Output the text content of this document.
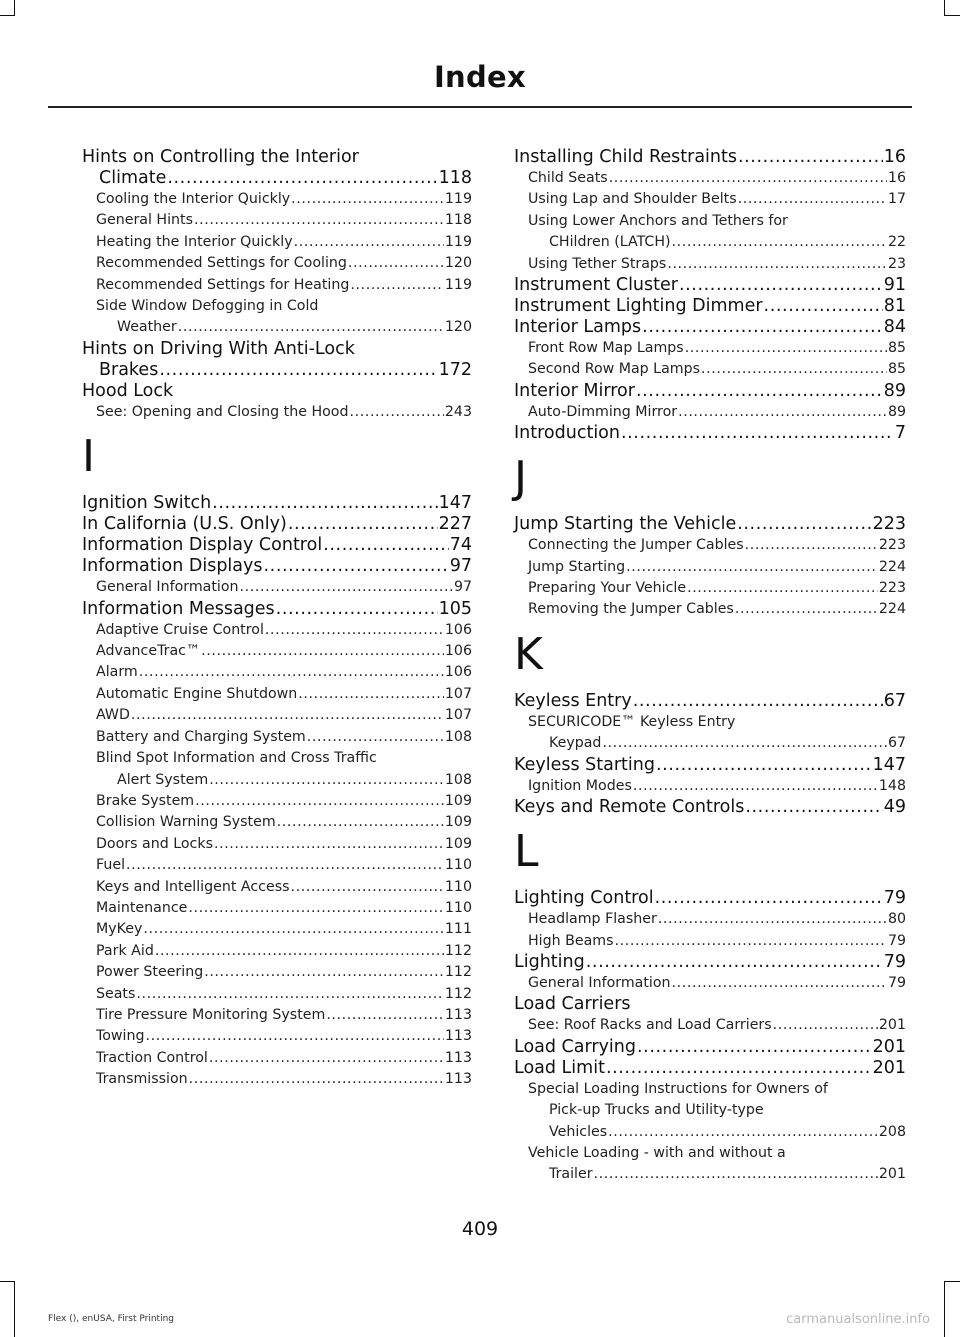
Index
Hints on Controlling the Interior
Climate .....	118
Cooling the Interior Quickly .....	119
General Hints .....	118
Heating the Interior Quickly .....	119
Recommended Settings for Cooling .....	120
Recommended Settings for Heating .....	119
Side Window Defogging in Cold
Weather .....	120
Hints on Driving With Anti-Lock
Brakes .....	172
Hood Lock
See: Opening and Closing the Hood .....	243
I
Ignition Switch .....	147
In California (U.S. Only) .....	227
Information Display Control .....	74
Information Displays .....	97
General Information .....	97
Information Messages .....	105
Adaptive Cruise Control .....	106
AdvanceTrac™ .....	106
Alarm .....	106
Automatic Engine Shutdown .....	107
AWD .....	107
Battery and Charging System .....	108
Blind Spot Information and Cross Traffic
Alert System .....	108
Brake System .....	109
Collision Warning System .....	109
Doors and Locks .....	109
Fuel .....	110
Keys and Intelligent Access .....	110
Maintenance .....	110
MyKey .....	111
Park Aid .....	112
Power Steering .....	112
Seats .....	112
Tire Pressure Monitoring System .....	113
Towing .....	113
Traction Control .....	113
Transmission .....	113
Installing Child Restraints .....	16
Child Seats .....	16
Using Lap and Shoulder Belts .....	17
Using Lower Anchors and Tethers for
CHildren (LATCH) .....	22
Using Tether Straps .....	23
Instrument Cluster .....	91
Instrument Lighting Dimmer .....	81
Interior Lamps .....	84
Front Row Map Lamps .....	85
Second Row Map Lamps .....	85
Interior Mirror .....	89
Auto-Dimming Mirror .....	89
Introduction .....	7
J
Jump Starting the Vehicle .....	223
Connecting the Jumper Cables .....	223
Jump Starting .....	224
Preparing Your Vehicle .....	223
Removing the Jumper Cables .....	224
K
Keyless Entry .....	67
SECURICODE™ Keyless Entry
Keypad .....	67
Keyless Starting .....	147
Ignition Modes .....	148
Keys and Remote Controls .....	49
L
Lighting Control .....	79
Headlamp Flasher .....	80
High Beams .....	79
Lighting .....	79
General Information .....	79
Load Carriers
See: Roof Racks and Load Carriers .....	201
Load Carrying .....	201
Load Limit .....	201
Special Loading Instructions for Owners of
Pick-up Trucks and Utility-type
Vehicles .....	208
Vehicle Loading - with and without a
Trailer .....	201
409
Flex (), enUSA, First Printing	carmanualsonline.info
